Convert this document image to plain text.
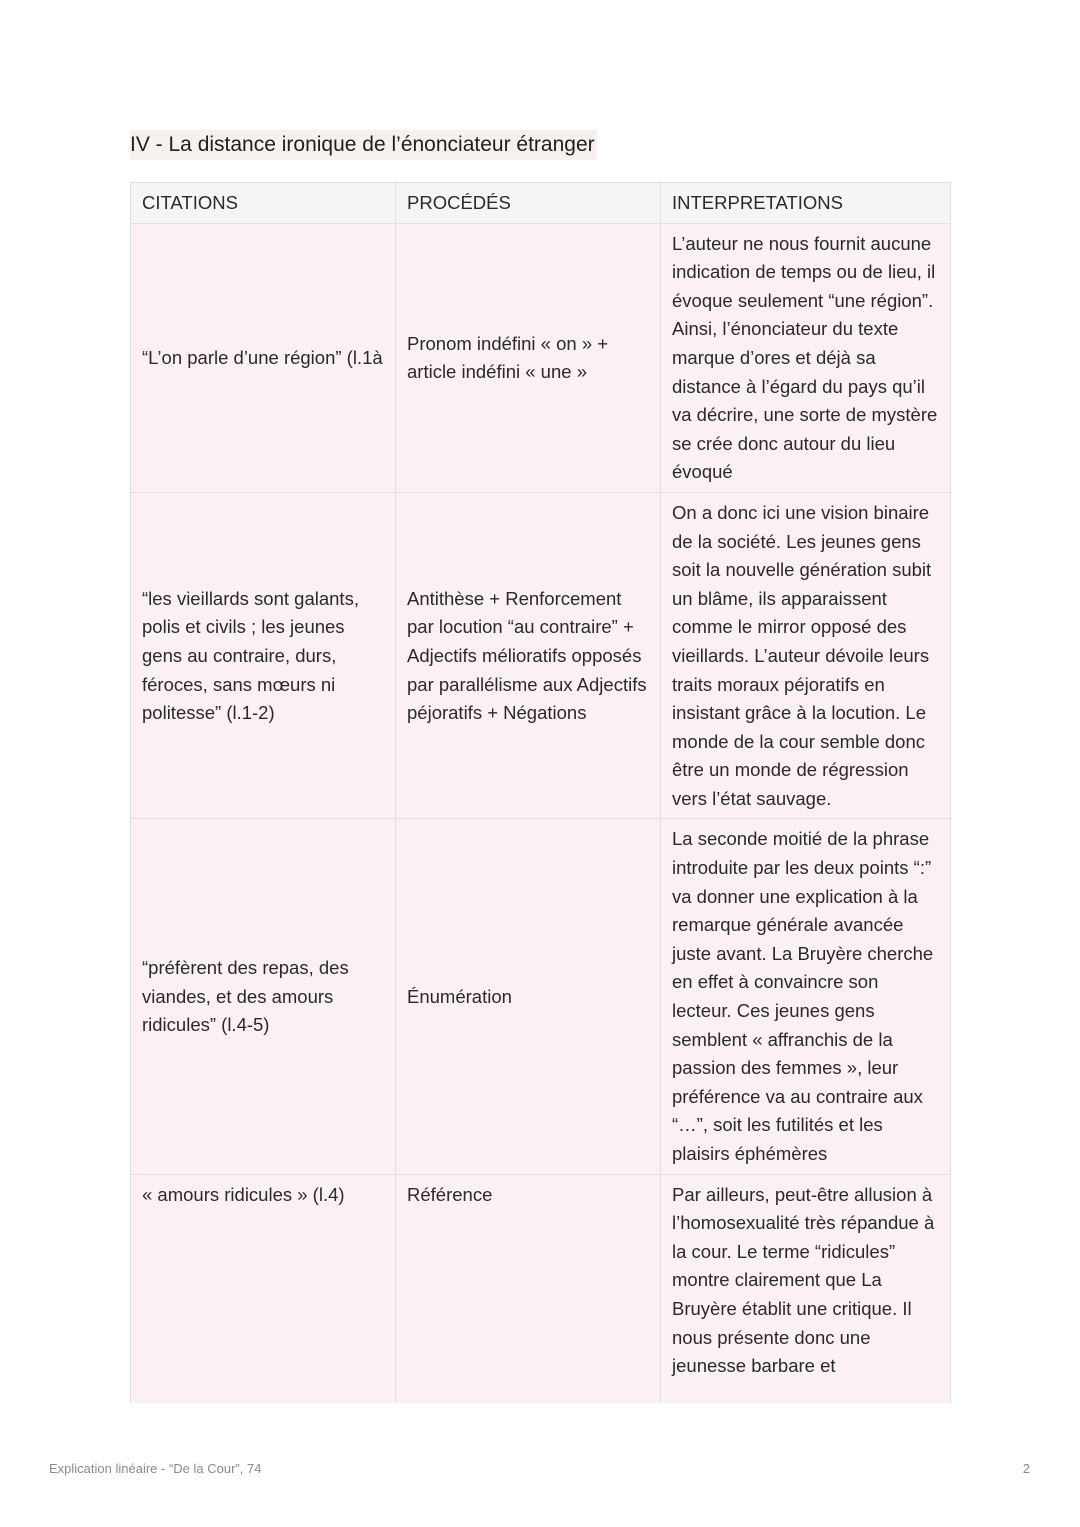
IV - La distance ironique de l’énonciateur étranger
CITATIONS	PROCÉDÉS	INTERPRETATIONS
“L’on parle d’une région” (l.1à	Pronom indéfini « on » + article indéfini « une »	L’auteur ne nous fournit aucune indication de temps ou de lieu, il évoque seulement “une région”. Ainsi, l’énonciateur du texte marque d’ores et déjà sa distance à l’égard du pays qu’il va décrire, une sorte de mystère se crée donc autour du lieu évoqué
“les vieillards sont galants, polis et civils ; les jeunes gens au contraire, durs, féroces, sans mœurs ni politesse” (l.1-2)	Antithèse + Renforcement par locution “au contraire” + Adjectifs mélioratifs opposés par parallélisme aux Adjectifs péjoratifs + Négations	On a donc ici une vision binaire de la société. Les jeunes gens soit la nouvelle génération subit un blâme, ils apparaissent comme le mirror opposé des vieillards. L’auteur dévoile leurs traits moraux péjoratifs en insistant grâce à la locution. Le monde de la cour semble donc être un monde de régression vers l’état sauvage.
“préfèrent des repas, des viandes, et des amours ridicules” (l.4-5)	Énumération	La seconde moitié de la phrase introduite par les deux points “:” va donner une explication à la remarque générale avancée juste avant. La Bruyère cherche en effet à convaincre son lecteur. Ces jeunes gens semblent « affranchis de la passion des femmes », leur préférence va au contraire aux “…”, soit les futilités et les plaisirs éphémères
« amours ridicules » (l.4)	Référence	Par ailleurs, peut-être allusion à l’homosexualité très répandue à la cour. Le terme “ridicules” montre clairement que La Bruyère établit une critique. Il nous présente donc une jeunesse barbare et
Explication linéaire - “De la Cour”, 74	2
